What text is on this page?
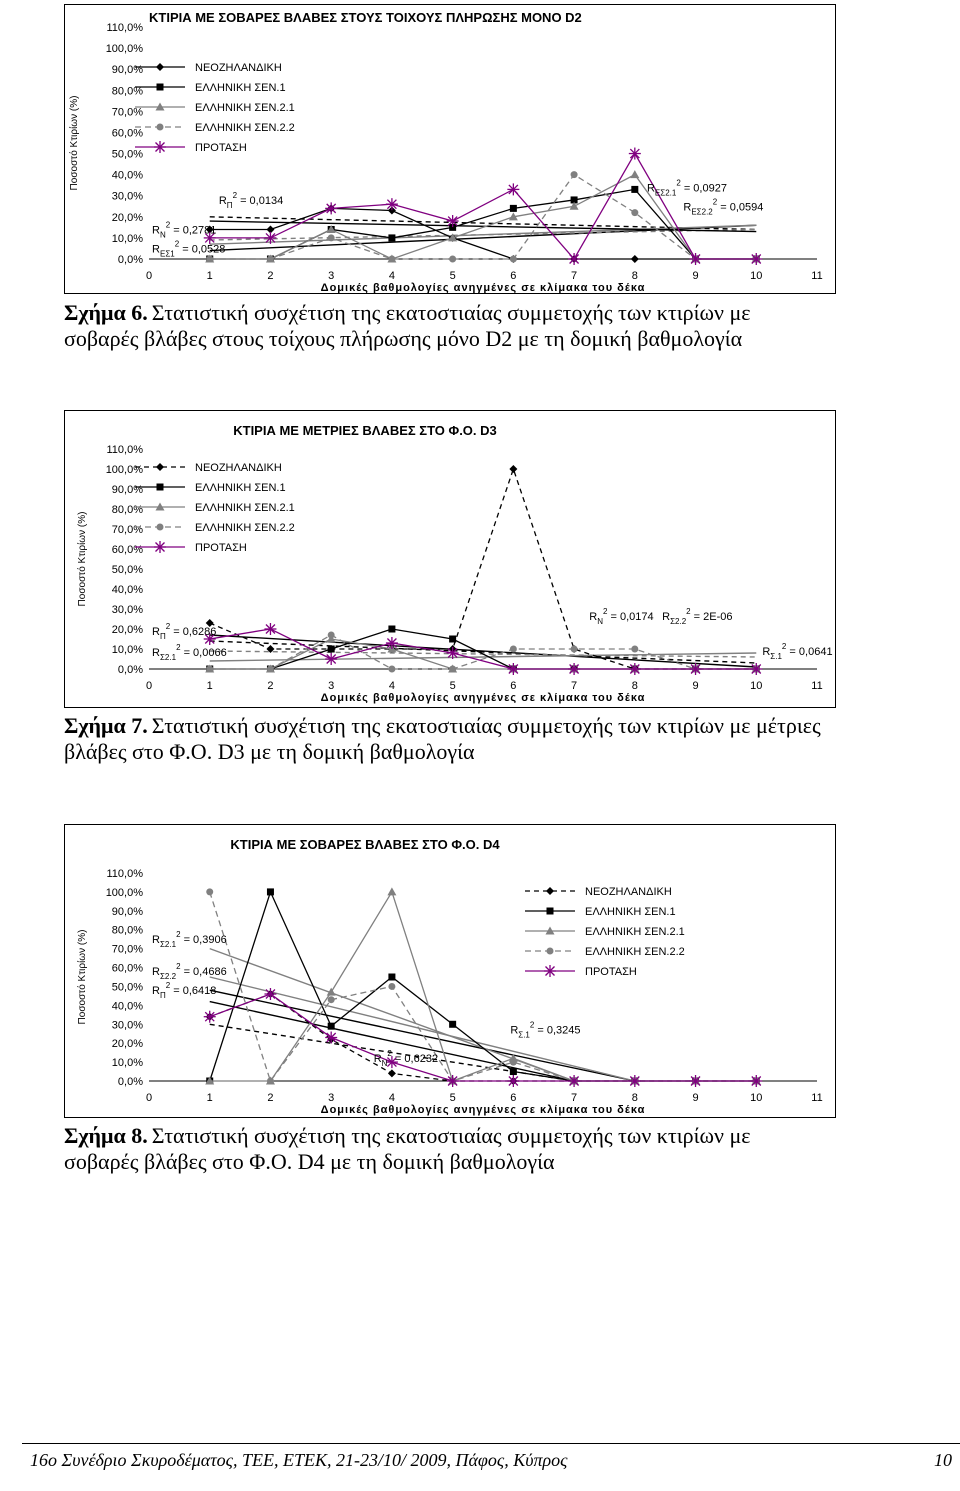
ΚΤΙΡΙΑ ΜΕ ΣΟΒΑΡΕΣ ΒΛΑΒΕΣ ΣΤΟΥΣ ΤΟΙΧΟΥΣ ΠΛΗΡΩΣΗΣ ΜΟΝΟ D2
Ποσοστό Κτιρίων (%)
0,0%
10,0%
20,0%
30,0%
40,0%
50,0%
60,0%
70,0%
80,0%
90,0%
100,0%
110,0%
0	1	2	3	4	5	6	7	8	9	10	11
Δομικές βαθμολογίες ανηγμένες σε κλίμακα του δέκα
ΝΕΟΖΗΛΑΝΔΙΚΗ
ΕΛΛΗΝΙΚΗ ΣΕΝ.1
ΕΛΛΗΝΙΚΗ ΣΕΝ.2.1
ΕΛΛΗΝΙΚΗ ΣΕΝ.2.2
ΠΡΟΤΑΣΗ
$R_\Pi^2 = 0,0134$
$R_N^2 = 0,2781$
$R_{E\Sigma 1}^2 = 0,0528$
$R_{E\Sigma 2.1}^2 = 0,0927$
$R_{E\Sigma 2.2}^2 = 0,0594$
Σχήμα 6. Στατιστική συσχέτιση της εκατοστιαίας συμμετοχής των κτιρίων με σοβαρές βλάβες στους τοίχους πλήρωσης μόνο D2 με τη δομική βαθμολογία
ΚΤΙΡΙΑ ΜΕ ΜΕΤΡΙΕΣ ΒΛΑΒΕΣ ΣΤΟ Φ.Ο. D3
Ποσοστό Κτιρίων (%)
0,0%
10,0%
20,0%
30,0%
40,0%
50,0%
60,0%
70,0%
80,0%
90,0%
100,0%
110,0%
0	1	2	3	4	5	6	7	8	9	10	11
Δομικές βαθμολογίες ανηγμένες σε κλίμακα του δέκα
ΝΕΟΖΗΛΑΝΔΙΚΗ
ΕΛΛΗΝΙΚΗ ΣΕΝ.1
ΕΛΛΗΝΙΚΗ ΣΕΝ.2.1
ΕΛΛΗΝΙΚΗ ΣΕΝ.2.2
ΠΡΟΤΑΣΗ
$R_\Pi^2 = 0,6286$
$R_{\Sigma 2.1}^2 = 0,0066$
$R_N^2 = 0,0174$ $R_{\Sigma 2.2}^2 = 2E-06$
$R_{\Sigma.1}^2 = 0,0641$
Σχήμα 7. Στατιστική συσχέτιση της εκατοστιαίας συμμετοχής των κτιρίων με μέτριες βλάβες στο Φ.Ο. D3 με τη δομική βαθμολογία
ΚΤΙΡΙΑ ΜΕ ΣΟΒΑΡΕΣ ΒΛΑΒΕΣ ΣΤΟ Φ.Ο. D4
Ποσοστό Κτιρίων (%)
0,0%
10,0%
20,0%
30,0%
40,0%
50,0%
60,0%
70,0%
80,0%
90,0%
100,0%
110,0%
0	1	2	3	4	5	6	7	8	9	10	11
Δομικές βαθμολογίες ανηγμένες σε κλίμακα του δέκα
ΝΕΟΖΗΛΑΝΔΙΚΗ
ΕΛΛΗΝΙΚΗ ΣΕΝ.1
ΕΛΛΗΝΙΚΗ ΣΕΝ.2.1
ΕΛΛΗΝΙΚΗ ΣΕΝ.2.2
ΠΡΟΤΑΣΗ
$R_{\Sigma 2.1}^2 = 0,3906$
$R_{\Sigma 2.2}^2 = 0,4686$
$R_\Pi^2 = 0,6418$
$R_{\Sigma.1}^2 = 0,3245$
$R_N^2 = 0,6232$
Σχήμα 8. Στατιστική συσχέτιση της εκατοστιαίας συμμετοχής των κτιρίων με σοβαρές βλάβες στο Φ.Ο. D4 με τη δομική βαθμολογία
16ο Συνέδριο Σκυροδέματος, ΤΕΕ, ΕΤΕΚ, 21-23/10/ 2009, Πάφος, Κύπρος	10
